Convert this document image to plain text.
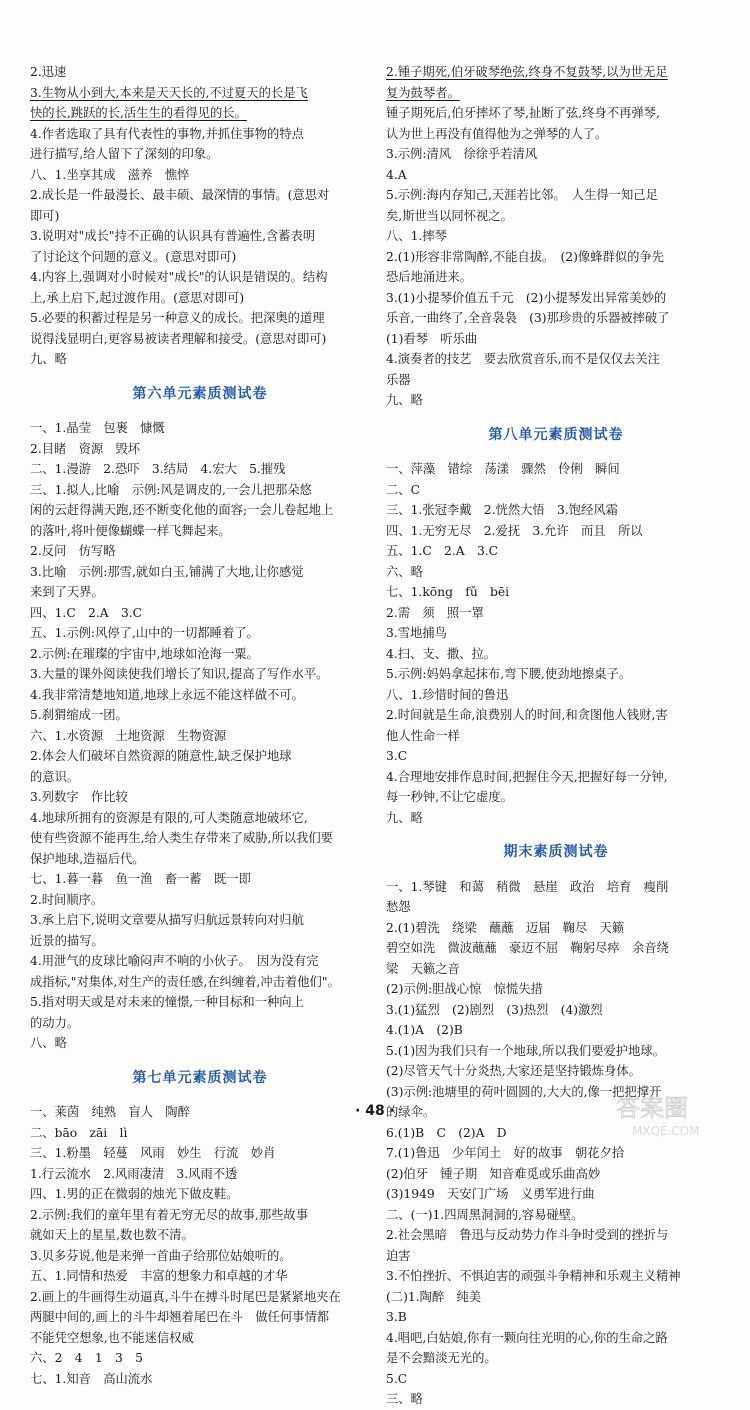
2.迅速
3.生物从小到大,本来是天天长的,不过夏天的长是飞
快的长,跳跃的长,活生生的看得见的长。
4.作者选取了具有代表性的事物,并抓住事物的特点
进行描写,给人留下了深刻的印象。
八、1.坐享其成　滋养　憔悴
2.成长是一件最漫长、最丰硕、最深情的事情。(意思对
即可)
3.说明对"成长"持不正确的认识具有普遍性,含蓄表明
了讨论这个问题的意义。(意思对即可)
4.内容上,强调对小时候对"成长"的认识是错误的。结构
上,承上启下,起过渡作用。(意思对即可)
5.必要的积蓄过程是另一种意义的成长。把深奥的道理
说得浅显明白,更容易被读者理解和接受。(意思对即可)
九、略
第六单元素质测试卷
一、1.晶莹　包裹　慷慨
2.目睹　资源　毁坏
二、1.漫游　2.恐吓　3.结局　4.宏大　5.摧残
三、1.拟人,比喻　示例:风是调皮的,一会儿把那朵悠
闲的云赶得满天跑,还不断变化他的面容;一会儿卷起地上
的落叶,将叶便像蝴蝶一样飞舞起来。
2.反问　仿写略
3.比喻　示例:那雪,就如白玉,铺满了大地,让你感觉
来到了天界。
四、1.C　2.A　3.C
五、1.示例:风停了,山中的一切都睡着了。
2.示例:在璀璨的宇宙中,地球如沧海一粟。
3.大量的课外阅读使我们增长了知识,提高了写作水平。
4.我非常清楚地知道,地球上永远不能这样做不可。
5.刹猬缩成一团。
六、1.水资源　土地资源　生物资源
2.体会人们破坏自然资源的随意性,缺乏保护地球
的意识。
3.列数字　作比较
4.地球所拥有的资源是有限的,可人类随意地破坏它,
使有些资源不能再生,给人类生存带来了威胁,所以我们要
保护地球,造福后代。
七、1.暮一暮　鱼一渔　畜一蓄　既一即
2.时间顺序。
3.承上启下,说明文章要从描写归航远景转向对归航
近景的描写。
4.用泄气的皮球比喻闷声不响的小伙子。　因为没有完
成指标,"对集体,对生产的责任感,在纠缠着,冲击着他们"。
5.指对明天或是对未来的憧憬,一种目标和一种向上
的动力。
八、略
第七单元素质测试卷
一、莱茵　纯熟　盲人　陶醉
二、bāo　zāi　lì
三、1.粉墨　轻蔓　风雨　妙生　行流　妙肖
1.行云流水　2.风雨凄清　3.风雨不透
四、1.男的正在微弱的烛光下做皮鞋。
2.示例:我们的童年里有着无穷无尽的故事,那些故事
就如天上的星星,数也数不清。
3.贝多芬说,他是来弹一首曲子给那位姑娘听的。
五、1.同情和热爱　丰富的想象力和卓越的才华
2.画上的牛画得生动逼真,斗牛在搏斗时尾巴是紧紧地夹在
两腿中间的,画上的斗牛却翘着尾巴在斗　做任何事情都
不能凭空想象,也不能迷信权威
六、2　4　1　3　5
七、1.知音　高山流水
2.锺子期死,伯牙破琴绝弦,终身不复鼓琴,以为世无足
复为鼓琴者。
锺子期死后,伯牙摔坏了琴,扯断了弦,终身不再弹琴,
认为世上再没有值得他为之弹琴的人了。
3.示例:清风　徐徐乎若清风
4.A
5.示例:海内存知己,天涯若比邻。　人生得一知己足
矣,斯世当以同怀视之。
八、1.摔琴
2.(1)形容非常陶醉,不能自拔。　(2)像蜂群似的争先
恐后地涌进来。
3.(1)小提琴价值五千元　(2)小提琴发出异常美妙的
乐音,一曲终了,全音袅袅　(3)那珍贵的乐器被摔破了
(1)看琴　听乐曲
4.演奏者的技艺　要去欣赏音乐,而不是仅仅去关注
乐器
九、略
第八单元素质测试卷
一、萍藻　错综　荡漾　骤然　伶俐　瞬间
二、C
三、1.张冠李戴　2.恍然大悟　3.饱经风霜
四、1.无穷无尽　2.爱抚　3.允许　而且　所以
五、1.C　2.A　3.C
六、略
七、1.kōng　fǔ　bēi
2.需　须　照一罩
3.雪地捕鸟
4.扫、支、撒、拉。
5.示例:妈妈拿起抹布,弯下腰,使劲地擦桌子。
八、1.珍惜时间的鲁迅
2.时间就是生命,浪费别人的时间,和贪图他人钱财,害
他人性命一样
3.C
4.合理地安排作息时间,把握住今天,把握好每一分钟,
每一秒钟,不让它虚度。
九、略
期末素质测试卷
一、1.琴键　和蔼　稍微　悬崖　政治　培育　瘦削
愁怨
2.(1)碧洗　绕梁　蘸蘸　迈届　鞠尽　天籁
碧空如洗　微波蘸蘸　豪迈不屈　鞠躬尽瘁　余音绕
梁　天籁之音
(2)示例:胆战心惊　惊慌失措
3.(1)猛烈　(2)剧烈　(3)热烈　(4)激烈
4.(1)A　(2)B
5.(1)因为我们只有一个地球,所以我们要爱护地球。
(2)尽管天气十分炎热,大家还是坚持锻炼身体。
(3)示例:池塘里的荷叶圆圆的,大大的,像一把把撑开
的绿伞。
6.(1)B　C　(2)A　D
7.(1)鲁迅　少年闰土　好的故事　朝花夕拾
(2)伯牙　锺子期　知音难觅或乐曲高妙
(3)1949　天安门广场　义勇军进行曲
二、(一)1.四周黑洞洞的,容易碰壁。
2.社会黑暗　鲁迅与反动势力作斗争时受到的挫折与
迫害
3.不怕挫折、不惧迫害的顽强斗争精神和乐观主义精神
(二)1.陶醉　纯美
3.B
4.唱吧,白姑娘,你有一颗向往光明的心,你的生命之路
是不会黯淡无光的。
5.C
三、略
· 48 ·	答案圈
MXQE.COM
